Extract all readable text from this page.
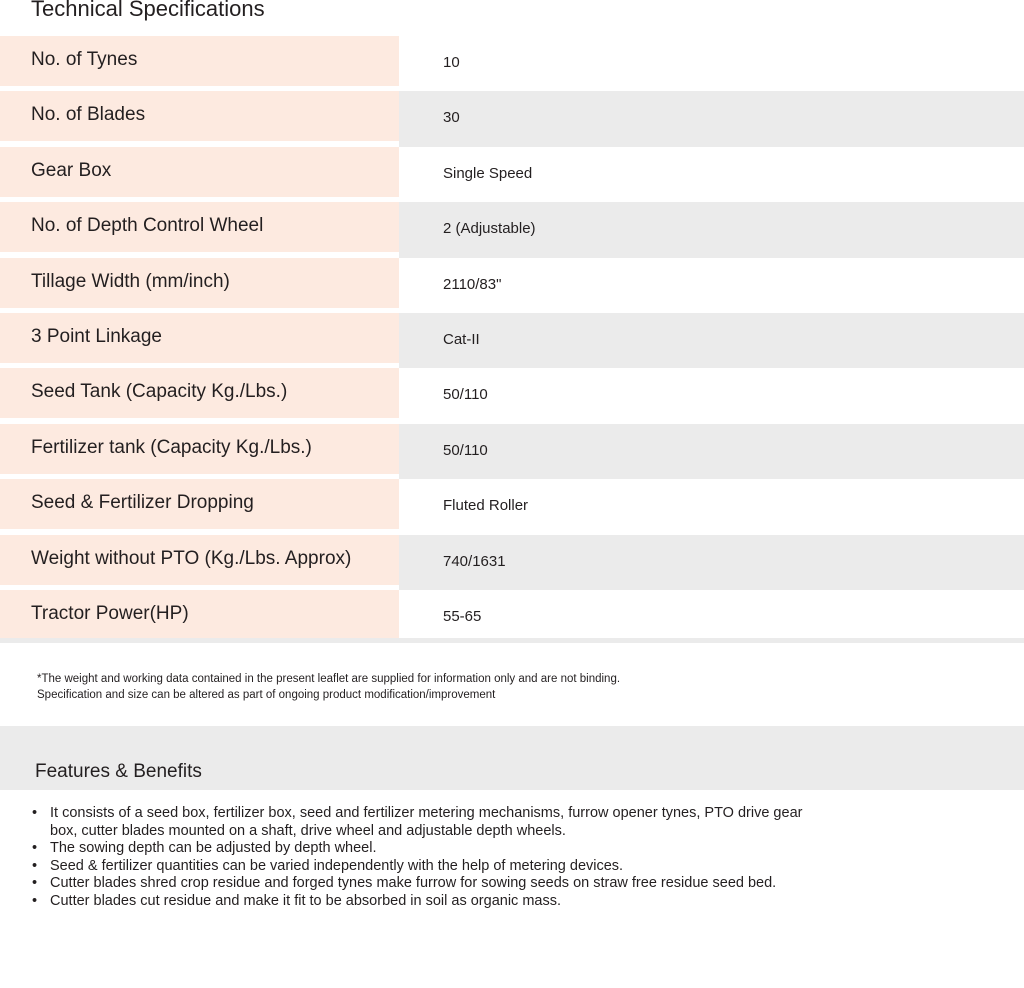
Technical Specifications
No. of Tynes	10
No. of Blades	30
Gear Box	Single Speed
No. of Depth Control Wheel	2 (Adjustable)
Tillage Width (mm/inch)	2110/83"
3 Point Linkage	Cat-II
Seed Tank (Capacity Kg./Lbs.)	50/110
Fertilizer tank (Capacity Kg./Lbs.)	50/110
Seed & Fertilizer Dropping	Fluted Roller
Weight without PTO (Kg./Lbs. Approx)	740/1631
Tractor Power(HP)	55-65
*The weight and working data contained in the present leaflet are supplied for information only and are not binding.
Specification and size can be altered as part of ongoing product modification/improvement
Features & Benefits
• It consists of a seed box, fertilizer box, seed and fertilizer metering mechanisms, furrow opener tynes, PTO drive gear box, cutter blades mounted on a shaft, drive wheel and adjustable depth wheels.
• The sowing depth can be adjusted by depth wheel.
• Seed & fertilizer quantities can be varied independently with the help of metering devices.
• Cutter blades shred crop residue and forged tynes make furrow for sowing seeds on straw free residue seed bed.
• Cutter blades cut residue and make it fit to be absorbed in soil as organic mass.
